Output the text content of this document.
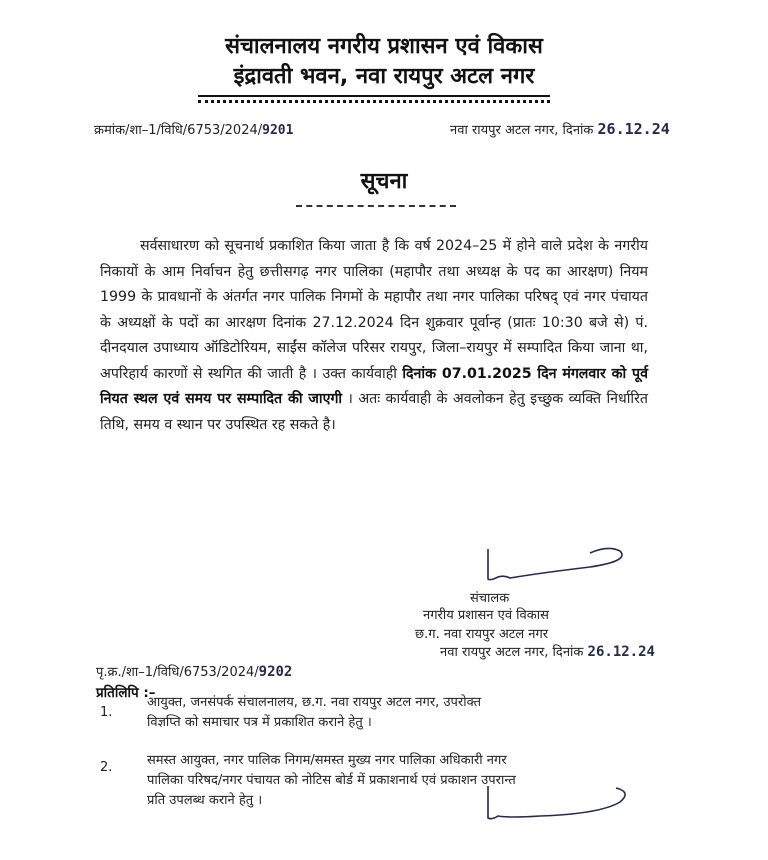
संचालनालय नगरीय प्रशासन एवं विकास
इंद्रावती भवन, नवा रायपुर अटल नगर
क्रमांक/शा–1/विधि/6753/2024/9201	नवा रायपुर अटल नगर, दिनांक 26.12.24
सूचना
सर्वसाधारण को सूचनार्थ प्रकाशित किया जाता है कि वर्ष 2024–25 में होने वाले प्रदेश के नगरीय निकायों के आम निर्वाचन हेतु छत्तीसगढ़ नगर पालिका (महापौर तथा अध्यक्ष के पद का आरक्षण) नियम 1999 के प्रावधानों के अंतर्गत नगर पालिक निगमों के महापौर तथा नगर पालिका परिषद् एवं नगर पंचायत के अध्यक्षों के पदों का आरक्षण दिनांक 27.12.2024 दिन शुक्रवार पूर्वान्ह (प्रातः 10:30 बजे से) पं. दीनदयाल उपाध्याय ऑडिटोरियम, साईंस कॉलेज परिसर रायपुर, जिला–रायपुर में सम्पादित किया जाना था, अपरिहार्य कारणों से स्थगित की जाती है । उक्त कार्यवाही दिनांक 07.01.2025 दिन मंगलवार को पूर्व नियत स्थल एवं समय पर सम्पादित की जाएगी । अतः कार्यवाही के अवलोकन हेतु इच्छुक व्यक्ति निर्धारित तिथि, समय व स्थान पर उपस्थित रह सकते है।
संचालक
नगरीय प्रशासन एवं विकास
छ.ग. नवा रायपुर अटल नगर
नवा रायपुर अटल नगर, दिनांक 26.12.24
पृ.क्र./शा–1/विधि/6753/2024/9202
प्रतिलिपि :–
1.
आयुक्त, जनसंपर्क संचालनालय, छ.ग. नवा रायपुर अटल नगर, उपरोक्त
विज्ञप्ति को समाचार पत्र में प्रकाशित कराने हेतु ।
2.	समस्त आयुक्त, नगर पालिक निगम/समस्त मुख्य नगर पालिका अधिकारी नगर
पालिका परिषद/नगर पंचायत को नोटिस बोर्ड में प्रकाशनार्थ एवं प्रकाशन उपरान्त
प्रति उपलब्ध कराने हेतु ।
